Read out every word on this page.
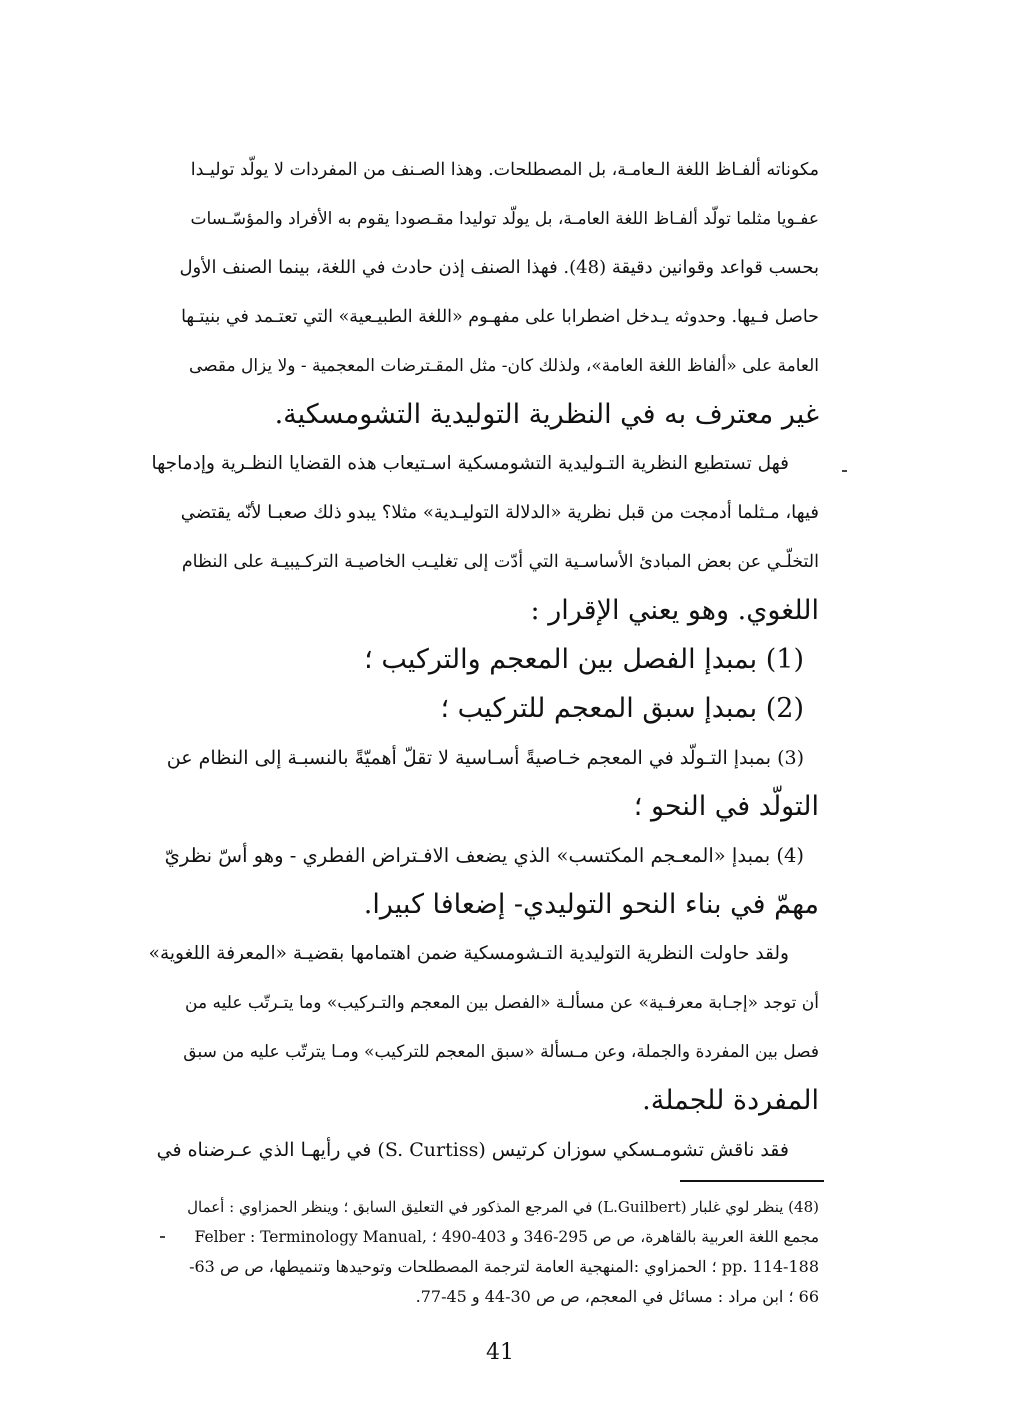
مكوناته ألفـاظ اللغة الـعامـة، بل المصطلحات. وهذا الصـنف من المفردات لا يولّد توليـدا
عفـويا مثلما تولّد ألفـاظ اللغة العامـة، بل يولّد توليدا مقـصودا يقوم به الأفراد والمؤسّـسات
بحسب قواعد وقوانين دقيقة (48). فهذا الصنف إذن حادث في اللغة، بينما الصنف الأول
حاصل فـيها. وحدوثه يـدخل اضطرابا على مفهـوم «اللغة الطبيـعية» التي تعتـمد في بنيتـها
العامة على «ألفاظ اللغة العامة»، ولذلك كان- مثل المقـترضات المعجمية - ولا يزال مقصى
غير معترف به في النظرية التوليدية التشومسكية.
فهل تستطيع النظرية التـوليدية التشومسكية اسـتيعاب هذه القضايا النظـرية وإدماجها
فيها، مـثلما أدمجت من قبل نظرية «الدلالة التوليـدية» مثلا؟ يبدو ذلك صعبـا لأنّه يقتضي
التخلّـي عن بعض المبادئ الأساسـية التي أدّت إلى تغليـب الخاصيـة التركـيبيـة على النظام
اللغوي. وهو يعني الإقرار :
(1) بمبدإ الفصل بين المعجم والتركيب ؛
(2) بمبدإ سبق المعجم للتركيب ؛
(3) بمبدإ التـولّد في المعجم خـاصيةً أسـاسية لا تقلّ أهميّةً بالنسبـة إلى النظام عن
التولّد في النحو ؛
(4) بمبدإ «المعـجم المكتسب» الذي يضعف الافـتراض الفطري - وهو أسّ نظريّ
مهمّ في بناء النحو التوليدي- إضعافا كبيرا.
ولقد حاولت النظرية التوليدية التـشومسكية ضمن اهتمامها بقضيـة «المعرفة اللغوية»
أن توجد «إجـابة معرفـية» عن مسألـة «الفصل بين المعجم والتـركيب» وما يتـرتّب عليه من
فصل بين المفردة والجملة، وعن مـسألة «سبق المعجم للتركيب» ومـا يترتّب عليه من سبق
المفردة للجملة.
فقد ناقش تشومـسكي سوزان كرتيس (S. Curtiss) في رأيهـا الذي عـرضناه في
(48) ينظر لوي غلبار (L.Guilbert) في المرجع المذكور في التعليق السابق ؛ وينظر الحمزاوي : أعمال
مجمع اللغة العربية بالقاهرة، ص ص 295-346 و 403-490 ؛ Felber : Terminology Manual,
pp. 114-188 ؛ الحمزاوي :المنهجية العامة لترجمة المصطلحات وتوحيدها وتنميطها، ص ص 63-
66 ؛ ابن مراد : مسائل في المعجم، ص ص 30-44 و 45-77.
41
